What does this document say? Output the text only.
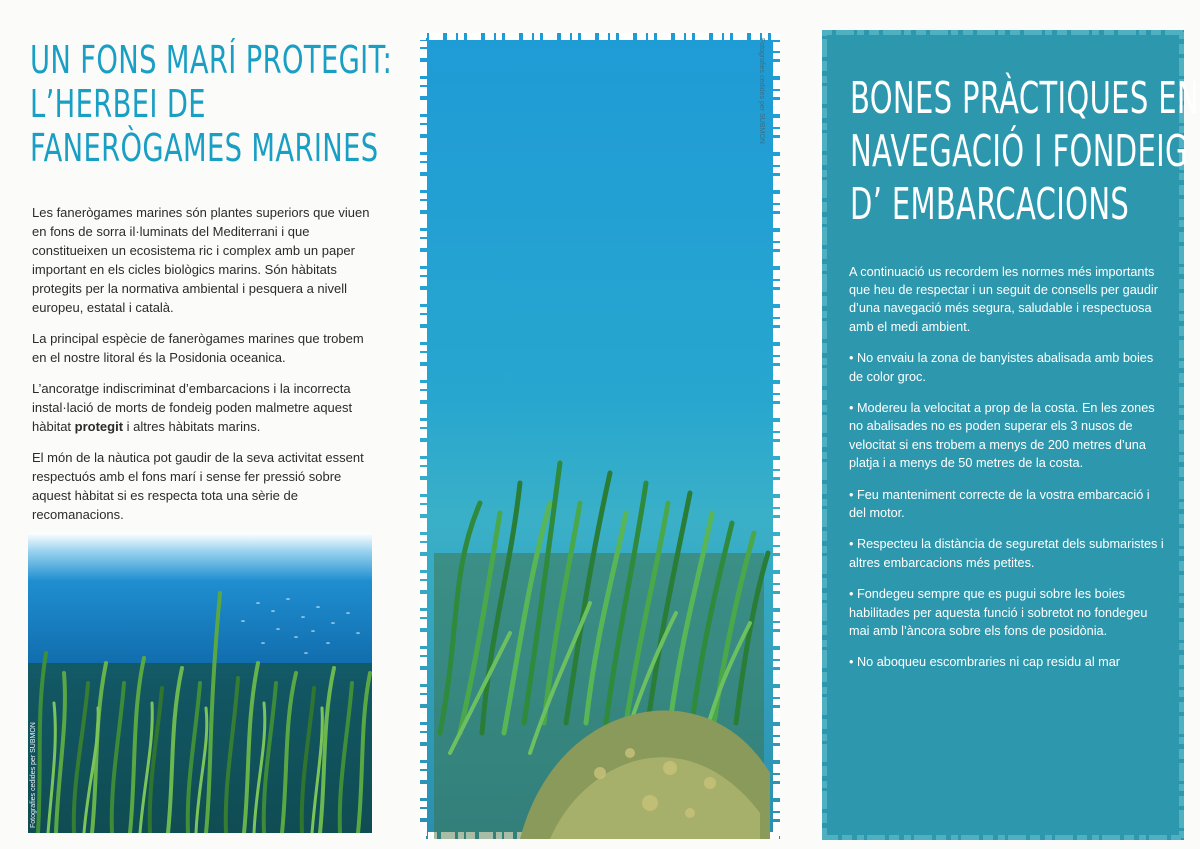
UN FONS MARÍ PROTEGIT:
L’HERBEI DE
FANERÒGAMES MARINES

Les fanerògames marines són plantes superiors que viuen en fons de sorra il·luminats del Mediterrani i que constitueixen un ecosistema ric i complex amb un paper important en els cicles biològics marins. Són hàbitats protegits per la normativa ambiental i pesquera a nivell europeu, estatal i català.

La principal espècie de fanerògames marines que trobem en el nostre litoral és la Posidonia oceanica.

L’ancoratge indiscriminat d’embarcacions i la incorrecta instal·lació de morts de fondeig poden malmetre aquest hàbitat protegit i altres hàbitats marins.

El món de la nàutica pot gaudir de la seva activitat essent respectuós amb el fons marí i sense fer pressió sobre aquest hàbitat si es respecta tota una sèrie de recomanacions.

Fotografies cedides per SUBMON
Fotografies cedides per SUBMON BONES PRÀCTIQUES EN
NAVEGACIÓ I FONDEIG
D’ EMBARCACIONS

A continuació us recordem les normes més importants que heu de respectar i un seguit de consells per gaudir d’una navegació més segura, saludable i respectuosa amb el medi ambient.

• No envaiu la zona de banyistes abalisada amb boies de color groc.

• Modereu la velocitat a prop de la costa. En les zones no abalisades no es poden superar els 3 nusos de velocitat si ens trobem a menys de 200 metres d’una platja i a menys de 50 metres de la costa.

• Feu manteniment correcte de la vostra embarcació i del motor.

• Respecteu la distància de seguretat dels submaristes i altres embarcacions més petites.

• Fondegeu sempre que es pugui sobre les boies habilitades per aquesta funció i sobretot no fondegeu mai amb l’àncora sobre els fons de posidònia.

• No aboqueu escombraries ni cap residu al mar
